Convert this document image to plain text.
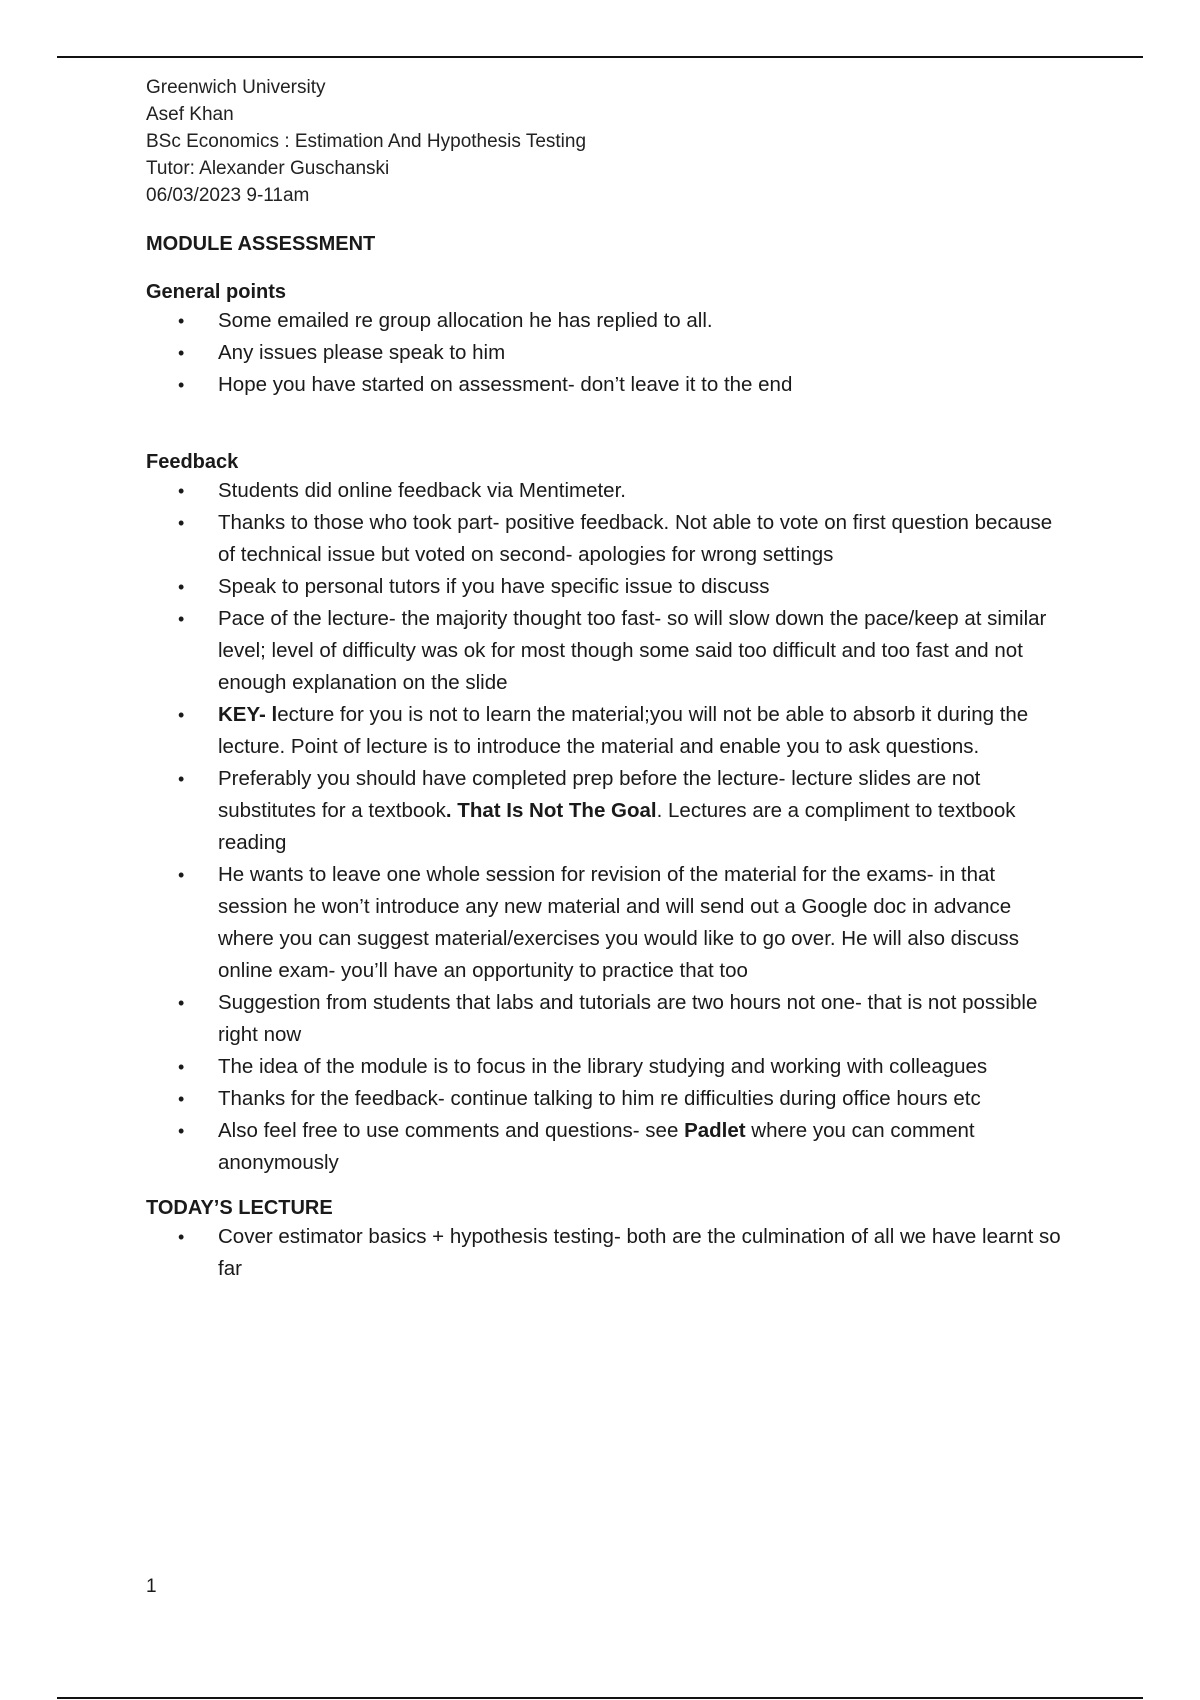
Greenwich University
Asef Khan
BSc Economics : Estimation And Hypothesis Testing
Tutor: Alexander Guschanski
06/03/2023 9-11am

MODULE ASSESSMENT

General points

• Some emailed re group allocation he has replied to all.
• Any issues please speak to him
• Hope you have started on assessment- don’t leave it to the end

Feedback

• Students did online feedback via Mentimeter.
• Thanks to those who took part- positive feedback. Not able to vote on first question because of technical issue but voted on second- apologies for wrong settings
• Speak to personal tutors if you have specific issue to discuss
• Pace of the lecture- the majority thought too fast- so will slow down the pace/keep at similar level; level of difficulty was ok for most though some said too difficult and too fast and not enough explanation on the slide
• KEY- lecture for you is not to learn the material;you will not be able to absorb it during the lecture. Point of lecture is to introduce the material and enable you to ask questions.
• Preferably you should have completed prep before the lecture- lecture slides are not substitutes for a textbook. That Is Not The Goal. Lectures are a compliment to textbook reading
• He wants to leave one whole session for revision of the material for the exams- in that session he won’t introduce any new material and will send out a Google doc in advance where you can suggest material/exercises you would like to go over. He will also discuss online exam- you’ll have an opportunity to practice that too
• Suggestion from students that labs and tutorials are two hours not one- that is not possible right now
• The idea of the module is to focus in the library studying and working with colleagues
• Thanks for the feedback- continue talking to him re difficulties during office hours etc
• Also feel free to use comments and questions- see Padlet where you can comment anonymously

TODAY’S LECTURE

• Cover estimator basics + hypothesis testing- both are the culmination of all we have learnt so far
1
